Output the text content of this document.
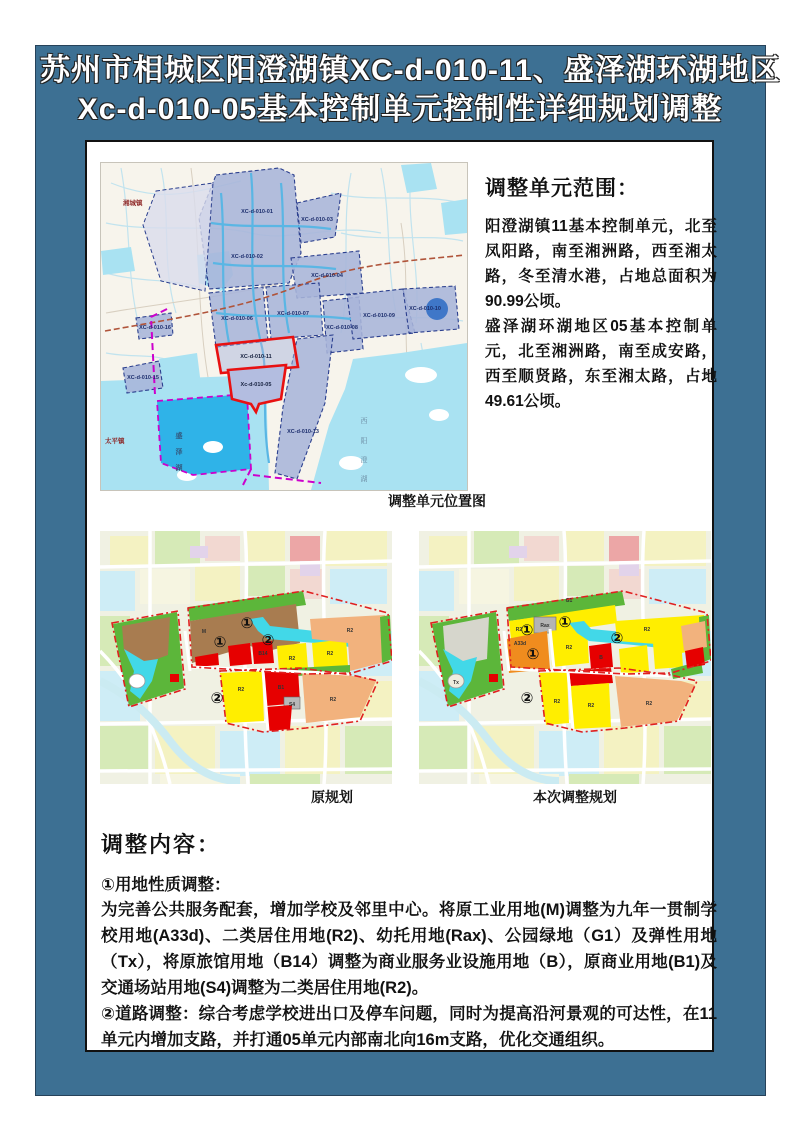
苏州市相城区阳澄湖镇XC-d-010-11、盛泽湖环湖地区
Xc-d-010-05基本控制单元控制性详细规划调整
XC-d-010-01
XC-d-010-02
XC-d-010-03
XC-d-010-04
XC-d-010-06
XC-d-010-07
XC-d-010-08
XC-d-010-09
XC-d-010-10
XC-d-010-13
XC-d-010-15
XC-d-010-16
XC-d-010-11
Xc-d-010-05
盛
泽
湖
西
阳
澄
湖
湘城镇
太平镇
调整单元位置图
调整单元范围：

阳澄湖镇11基本控制单元，北至凤阳路，南至湘洲路，西至湘太路，冬至清水港，占地总面积为90.99公顷。

盛泽湖环湖地区05基本控制单元，北至湘洲路，南至成安路，西至顺贤路，东至湘太路，占地49.61公顷。

M
B14
R2
R2
R2
R2	B1
S4
R2
①
①
②
②
R2
Rax
A33d
R2
B
R2
G1
Tx
R2
R2	R2
① ①
①
②
②
原规划	本次调整规划
调整内容：

①用地性质调整：

为完善公共服务配套，增加学校及邻里中心。将原工业用地(M)调整为九年一贯制学校用地(A33d)、二类居住用地(R2)、幼托用地(Rax)、公园绿地（G1）及弹性用地（Tx），将原旅馆用地（B14）调整为商业服务业设施用地（B），原商业用地(B1)及交通场站用地(S4)调整为二类居住用地(R2)。

②道路调整：综合考虑学校进出口及停车问题，同时为提高沿河景观的可达性，在11单元内增加支路，并打通05单元内部南北向16m支路，优化交通组织。
